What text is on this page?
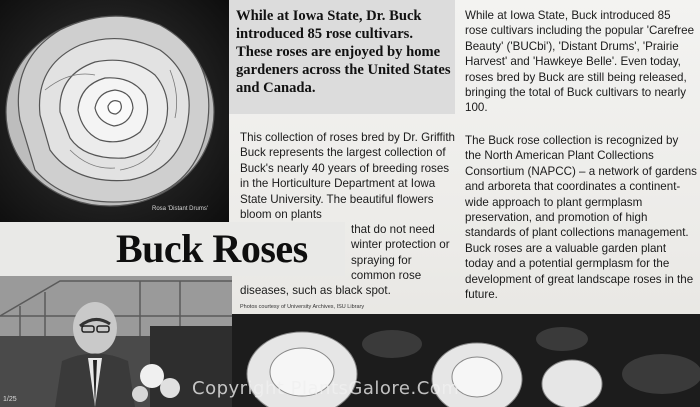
Rosa 'Distant Drums'
While at Iowa State, Dr. Buck introduced 85 rose cultivars. These roses are enjoyed by home gardeners across the United States and Canada.
While at Iowa State, Buck introduced 85 rose cultivars including the popular 'Carefree Beauty' ('BUCbi'), 'Distant Drums', 'Prairie Harvest' and 'Hawkeye Belle'. Even today, roses bred by Buck are still being released, bringing the total of Buck cultivars to nearly 100.
This collection of roses bred by Dr. Griffith Buck represents the largest collection of Buck's nearly 40 years of breeding roses in the Horticulture Department at Iowa State University. The beautiful flowers bloom on plants
Buck Roses	that do not need winter protection or spraying for common rose
diseases, such as black spot.
Photos courtesy of University Archives, ISU Library
The Buck rose collection is recognized by the North American Plant Collections Consortium (NAPCC) – a network of gardens and arboreta that coordinates a continent-wide approach to plant germplasm preservation, and promotion of high standards of plant collections management. Buck roses are a valuable garden plant today and a potential germplasm for the development of great landscape roses in the future.
Copyright PlantsGalore.Com
1/25
